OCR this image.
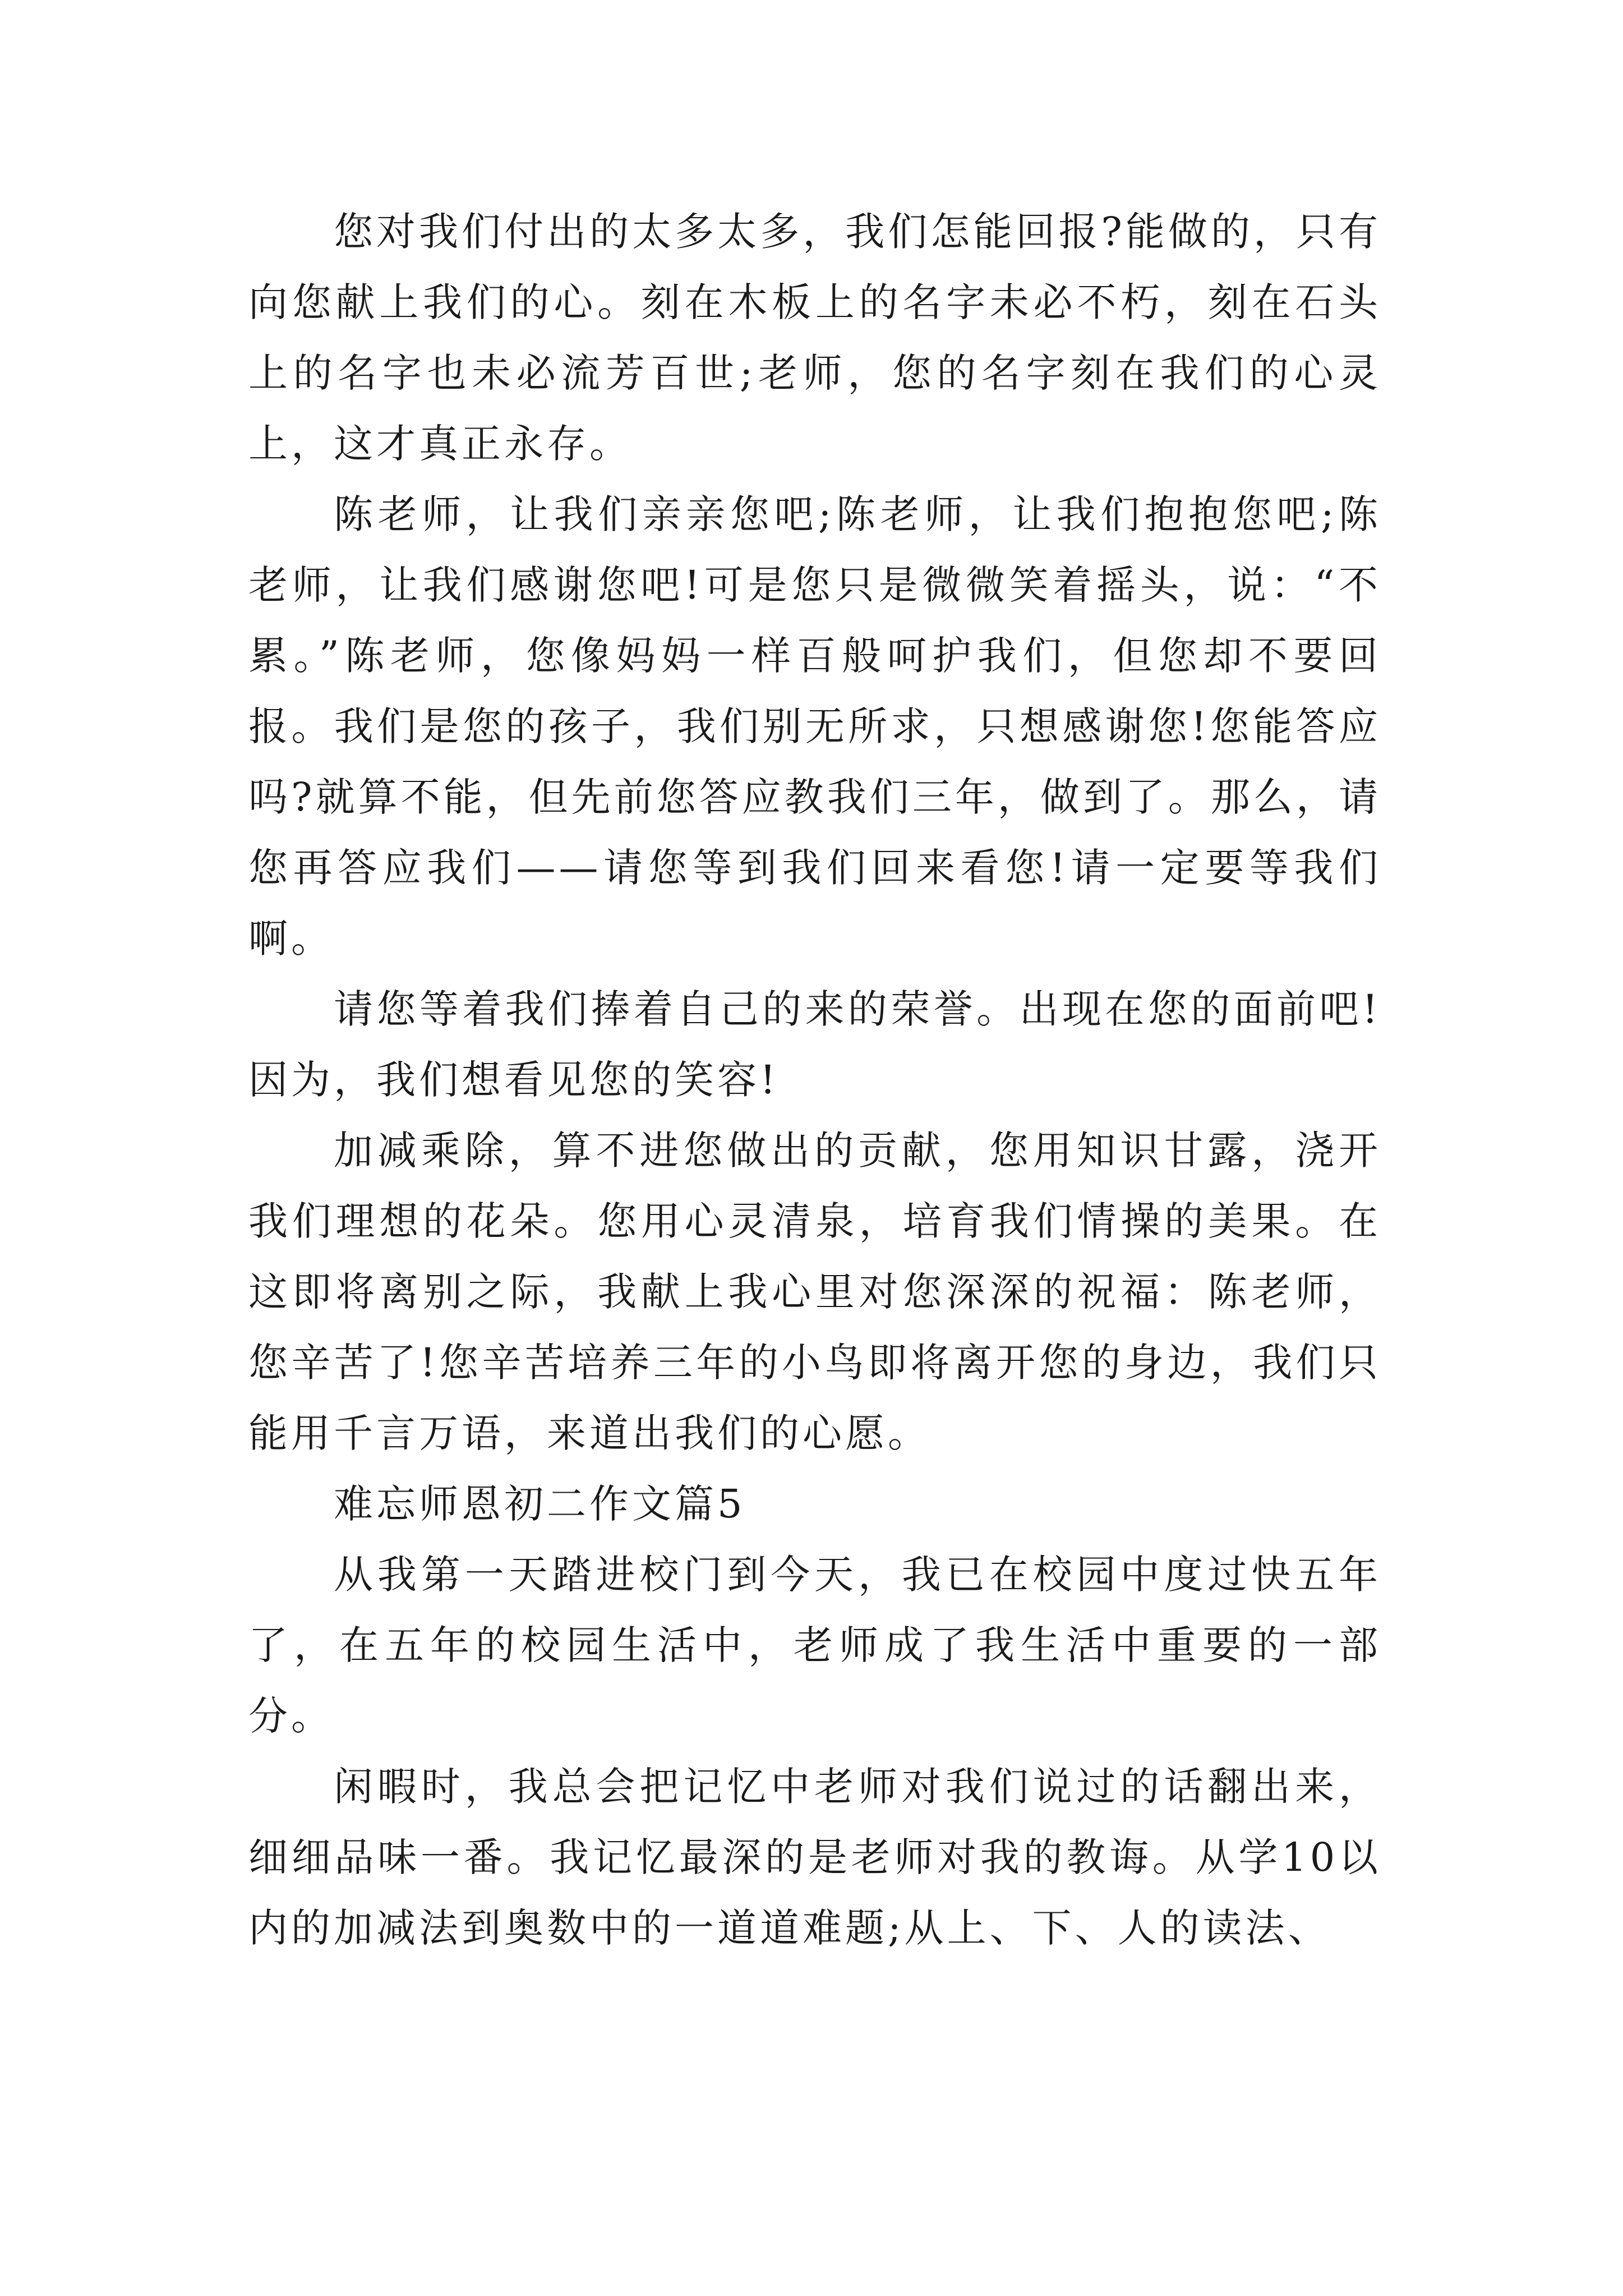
您对我们付出的太多太多，我们怎能回报?能做的，只有向您献上我们的心。刻在木板上的名字未必不朽，刻在石头上的名字也未必流芳百世;老师，您的名字刻在我们的心灵上，这才真正永存。

陈老师，让我们亲亲您吧;陈老师，让我们抱抱您吧;陈老师，让我们感谢您吧!可是您只是微微笑着摇头，说：“不累。”陈老师，您像妈妈一样百般呵护我们，但您却不要回报。我们是您的孩子，我们别无所求，只想感谢您!您能答应吗?就算不能，但先前您答应教我们三年，做到了。那么，请您再答应我们——请您等到我们回来看您!请一定要等我们啊。

请您等着我们捧着自己的来的荣誉。出现在您的面前吧!因为，我们想看见您的笑容!

加减乘除，算不进您做出的贡献，您用知识甘露，浇开我们理想的花朵。您用心灵清泉，培育我们情操的美果。在这即将离别之际，我献上我心里对您深深的祝福：陈老师，您辛苦了!您辛苦培养三年的小鸟即将离开您的身边，我们只能用千言万语，来道出我们的心愿。

难忘师恩初二作文篇5

从我第一天踏进校门到今天，我已在校园中度过快五年了，在五年的校园生活中，老师成了我生活中重要的一部分。

闲暇时，我总会把记忆中老师对我们说过的话翻出来，细细品味一番。我记忆最深的是老师对我的教诲。从学10以内的加减法到奥数中的一道道难题;从上、下、人的读法、
